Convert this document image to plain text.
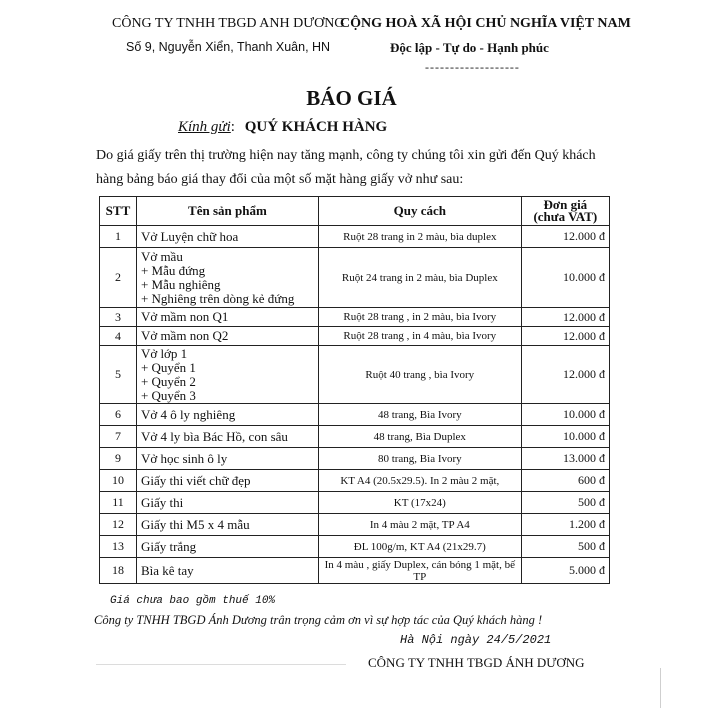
CÔNG TY TNHH TBGD ANH DƯƠNG
Số 9, Nguyễn Xiển, Thanh Xuân, HN
CỘNG HOÀ XÃ HỘI CHỦ NGHĨA VIỆT NAM
Độc lập - Tự do - Hạnh phúc
-------------------
BÁO GIÁ
Kính gửi: QUÝ KHÁCH HÀNG
Do giá giấy trên thị trường hiện nay tăng mạnh, công ty chúng tôi xin gửi đến Quý khách hàng bảng báo giá thay đổi của một số mặt hàng giấy vở như sau:
STT	Tên sản phẩm	Quy cách	Đơn giá
(chưa VAT)

1	Vở Luyện chữ hoa	Ruột 28 trang in 2 màu, bìa duplex	12.000 đ
2	Vở mầu
+ Mẫu đứng
+ Mẫu nghiêng
+ Nghiêng trên dòng kẻ đứng	Ruột 24 trang in 2 màu, bìa Duplex	10.000 đ
3	Vở mầm non Q1	Ruột 28 trang , in 2 màu, bìa Ivory	12.000 đ
4	Vở mầm non Q2	Ruột 28 trang , in 4 màu, bìa Ivory	12.000 đ
5	Vở lớp 1
+ Quyển 1
+ Quyển 2
+ Quyển 3	Ruột 40 trang , bìa Ivory	12.000 đ
6	Vở 4 ô ly nghiêng	48 trang, Bìa Ivory	10.000 đ
7	Vở 4 ly bìa Bác Hồ, con sâu	48 trang, Bìa Duplex	10.000 đ
9	Vở học sinh ô ly	80 trang, Bìa Ivory	13.000 đ
10	Giấy thi viết chữ đẹp	KT A4 (20.5x29.5). In 2 màu 2 mặt,	600 đ
11	Giấy thi	KT (17x24)	500 đ
12	Giấy thi M5 x 4 mẫu	In 4 màu 2 mặt, TP A4	1.200 đ
13	Giấy trắng	ĐL 100g/m, KT A4 (21x29.7)	500 đ
18	Bìa kê tay	In 4 màu , giấy Duplex, cán bóng 1 mặt, bế TP	5.000 đ
Giá chưa bao gồm thuế 10%
Công ty TNHH TBGD Ánh Dương trân trọng cảm ơn vì sự hợp tác của Quý khách hàng !
Hà Nội ngày 24/5/2021
CÔNG TY TNHH TBGD ÁNH DƯƠNG
